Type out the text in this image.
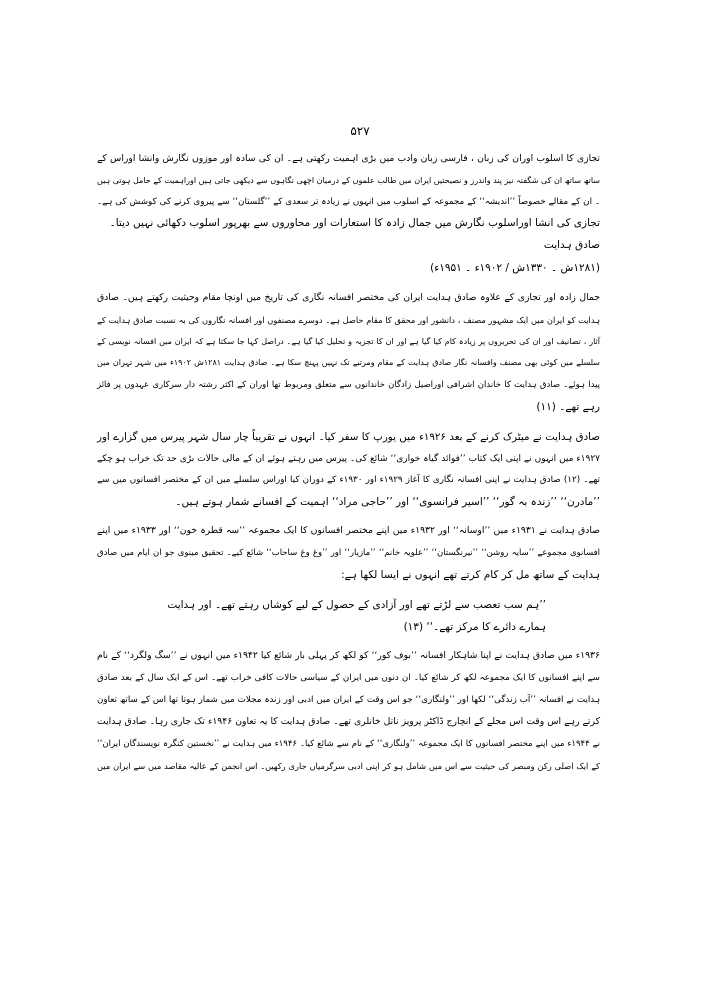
۵۲۷
تجازی کا اسلوب اوران کی زبان ، فارسی زبان وادب میں بڑی اہمیت رکھتی ہے۔ ان کی سادہ اور موزوں نگارش وانشا اوراس کے
ساتھ ساتھ ان کی شگفتہ نیز پند واندرز و نصیحتیں ایران میں طالب علموں کے درمیان اچھی نگاہوں سے دیکھی جاتی ہیں اوراہمیت کے حامل ہوتی ہیں
۔ ان کے مقالے خصوصاً ’’اندیشہ‘‘ کے مجموعہ کے اسلوب میں انہوں نے زیادہ تر سعدی کے ’’گلستان‘‘ سے پیروی کرنے کی کوشش کی ہے۔
تجازی کی انشا اوراسلوب نگارش میں جمال زادہ کا استعارات اور محاوروں سے بھرپور اسلوب دکھائی نہیں دیتا۔
صادق ہدایت
(۱۲۸۱ش ۔ ۱۳۳۰ش / ۱۹۰۲ء ۔ ۱۹۵۱ء)
جمال زادہ اور تجازی کے علاوہ صادق ہدایت ایران کی مختصر افسانہ نگاری کی تاریخ میں اونچا مقام وحیثیت رکھتے ہیں۔ صادق
ہدایت کو ایران میں ایک مشہور مصنف ، دانشور اور محقق کا مقام حاصل ہے۔ دوسرے مصنفوں اور افسانہ نگاروں کی بہ نسبت صادق ہدایت کے
آثار ، تصانیف اور ان کی تحریروں پر زیادہ کام کیا گیا ہے اور ان کا تجزیہ و تحلیل کیا گیا ہے۔ دراصل کہا جا سکتا ہے کہ ایران میں افسانہ نویسی کے
سلسلے میں کوئی بھی مصنف وافسانہ نگار صادق ہدایت کے مقام ومرتبے تک نہیں پہنچ سکا ہے۔ صادق ہدایت ۱۲۸۱ش ۱۹۰۲ء میں شہر تہران میں
پیدا ہوئے۔ صادق ہدایت کا خاندان اشرافی اوراصیل زادگان خاندانوں سے متعلق ومربوط تھا اوران کے اکثر رشتہ دار سرکاری عہدوں پر فائز
رہے تھے۔ (۱۱)
صادق ہدایت نے میٹرک کرنے کے بعد ۱۹۲۶ء میں یورپ کا سفر کیا۔ انہوں نے تقریباً چار سال شہر پیرس میں گزارے اور
۱۹۲۷ء میں انہوں نے اپنی ایک کتاب ’’فوائد گیاہ خواری‘‘ شائع کی۔ پیرس میں رہتے ہوئے ان کے مالی حالات بڑی حد تک خراب ہو چکے
تھے۔ (۱۲) صادق ہدایت نے اپنی افسانہ نگاری کا آغاز ۱۹۲۹ء اور ۱۹۳۰ء کے دوران کیا اوراس سلسلے میں ان کے مختصر افسانوں میں سے
’’مادرن‘‘ ’’زندہ بہ گور‘‘ ’’اسیر فرانسوی‘‘ اور ’’حاجی مراد‘‘ اہمیت کے افسانے شمار ہوتے ہیں۔
صادق ہدایت نے ۱۹۳۱ء میں ’’اوسانہ‘‘ اور ۱۹۳۲ء میں اپنے مختصر افسانوں کا ایک مجموعہ ’’سہ قطرہ خون‘‘ اور ۱۹۳۳ء میں اپنے
افسانوی مجموعے ’’سایہ روشن‘‘ ’’نیرنگستان‘‘ ’’علویہ خانم‘‘ ’’مازیار‘‘ اور ’’وغ وغ ساحاب‘‘ شائع کیے۔ تحقیق مینوی جو ان ایام میں صادق
ہدایت کے ساتھ مل کر کام کرتے تھے انہوں نے ایسا لکھا ہے:
’’ہم سب تعصب سے لڑتے تھے اور آزادی کے حصول کے لیے کوشاں رہتے تھے۔ اور ہدایت
ہمارے دائرے کا مرکز تھے۔‘‘ (۱۳)
۱۹۳۶ء میں صادق ہدایت نے اپنا شاہکار افسانہ ’’بوف کور‘‘ کو لکھ کر پہلی بار شائع کیا ۱۹۴۲ء میں انہوں نے ’’سگ ولگرد‘‘ کے نام
سے اپنے افسانوں کا ایک مجموعہ لکھ کر شائع کیا۔ ان دنوں میں ایران کے سیاسی حالات کافی خراب تھے۔ اس کے ایک سال کے بعد صادق
ہدایت نے افسانہ ’’آب زندگی‘‘ لکھا اور ’’ولنگاری‘‘ جو اس وقت کے ایران میں ادبی اور زندہ مجلات میں شمار ہوتا تھا اس کے ساتھ تعاون
کرتے رہے اس وقت اس مجلے کے انچارج ڈاکٹر پرویز ناتل خانلری تھے۔ صادق ہدایت کا یہ تعاون ۱۹۴۶ء تک جاری رہا۔ صادق ہدایت
نے ۱۹۴۴ء میں اپنے مختصر افسانوں کا ایک مجموعہ ’’ولنگاری‘‘ کے نام سے شائع کیا۔ ۱۹۴۶ء میں ہدایت نے ’’نخستین کنگرہ نویسندگان ایران‘‘
کے ایک اصلی رکن ومبصر کی حیثیت سے اس میں شامل ہو کر اپنی ادبی سرگرمیاں جاری رکھیں۔ اس انجمن کے عالیہ مقاصد میں سے ایران میں
